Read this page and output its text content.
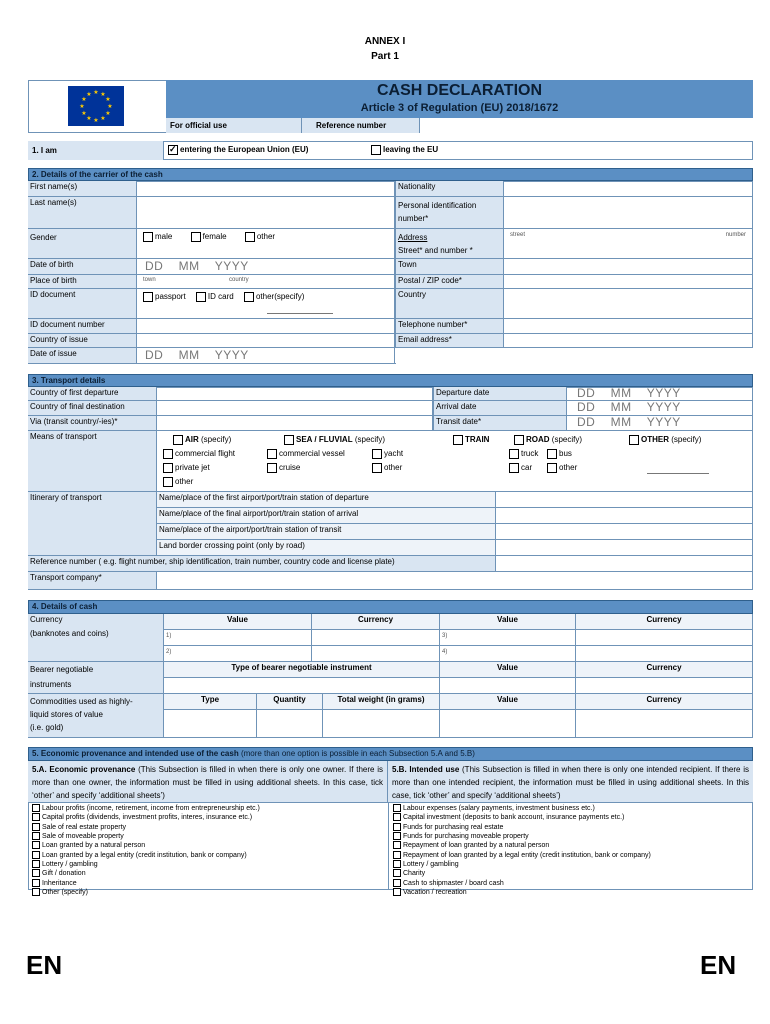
ANNEX I
Part 1
★ ★
★
★
★
★
★
★
★
★
★
★	CASH DECLARATION
Article 3 of Regulation (EU) 2018/1672
For official use	Reference number
1. I am
✓	entering the European Union (EU)	leaving the EU
2. Details of the carrier of the cash
First name(s)
Last name(s)
Gender	male	female	other
Date of birth	DD    MM    YYYY
Place of birth	town	country
ID document	passport	ID card	other(specify)
ID document number
Country of issue
Date of issue	DD    MM    YYYY
Nationality
Personal identification
number*
Address
Street* and number *
street	number
Town
Postal / ZIP code*
Country
Telephone number*
Email address*
3. Transport details
Country of first departure	Departure date	DD    MM    YYYY
Country of final destination	Arrival date	DD    MM    YYYY
Via (transit country/-ies)*	Transit date*	DD    MM    YYYY
Means of transport	AIR (specify)
commercial flight
private jet
other
SEA / FLUVIAL (specify)
commercial vessel
cruise
yacht
other
TRAIN	ROAD (specify)
truck	bus
car	other
OTHER (specify)
Itinerary of transport	Name/place of the first airport/port/train station of departure
Name/place of the final airport/port/train station of arrival
Name/place of the airport/port/train station of transit
Land border crossing point (only by road)
Reference number ( e.g. flight number, ship identification, train number, country code and license plate)
Transport company*
4. Details of cash
Currency
(banknotes and coins)
Value	Currency	Value	Currency
1)	3)
2)	4)
Bearer negotiable
instruments
Type of bearer negotiable instrument	Value	Currency
Commodities used as highly-
liquid stores of value
(i.e. gold)
Type	Quantity	Total weight (in grams)	Value	Currency
5. Economic provenance and intended use of the cash (more than one option is possible in each Subsection 5.A and 5.B)
5.A. Economic provenance (This Subsection is filled in when there is only one owner. If there is more than one owner, the information must be filled in using additional sheets. In this case, tick ‘other’ and specify ‘additional sheets’)
5.B. Intended use (This Subsection is filled in when there is only one intended recipient. If there is more than one intended recipient, the information must be filled in using additional sheets. In this case, tick ‘other’ and specify ‘additional sheets’)
Labour profits (income, retirement, income from entrepreneurship etc.)
Capital profits (dividends, investment profits, interes, insurance etc.)
Sale of real estate property
Sale of moveable property
Loan granted by a natural person
Loan granted by a legal entity (credit institution, bank or company)
Lottery / gambling
Gift / donation
Inheritance
Other (specify)
Labour expenses (salary payments, investment business etc.)
Capital investment (deposits to bank account, insurance payments etc.)
Funds for purchasing real estate
Funds for purchasing moveable property
Repayment of loan granted by a natural person
Repayment of loan granted by a legal entity (credit institution, bank or company)
Lottery / gambling
Charity
Cash to shipmaster / board cash
Vacation / recreation
EN	EN
